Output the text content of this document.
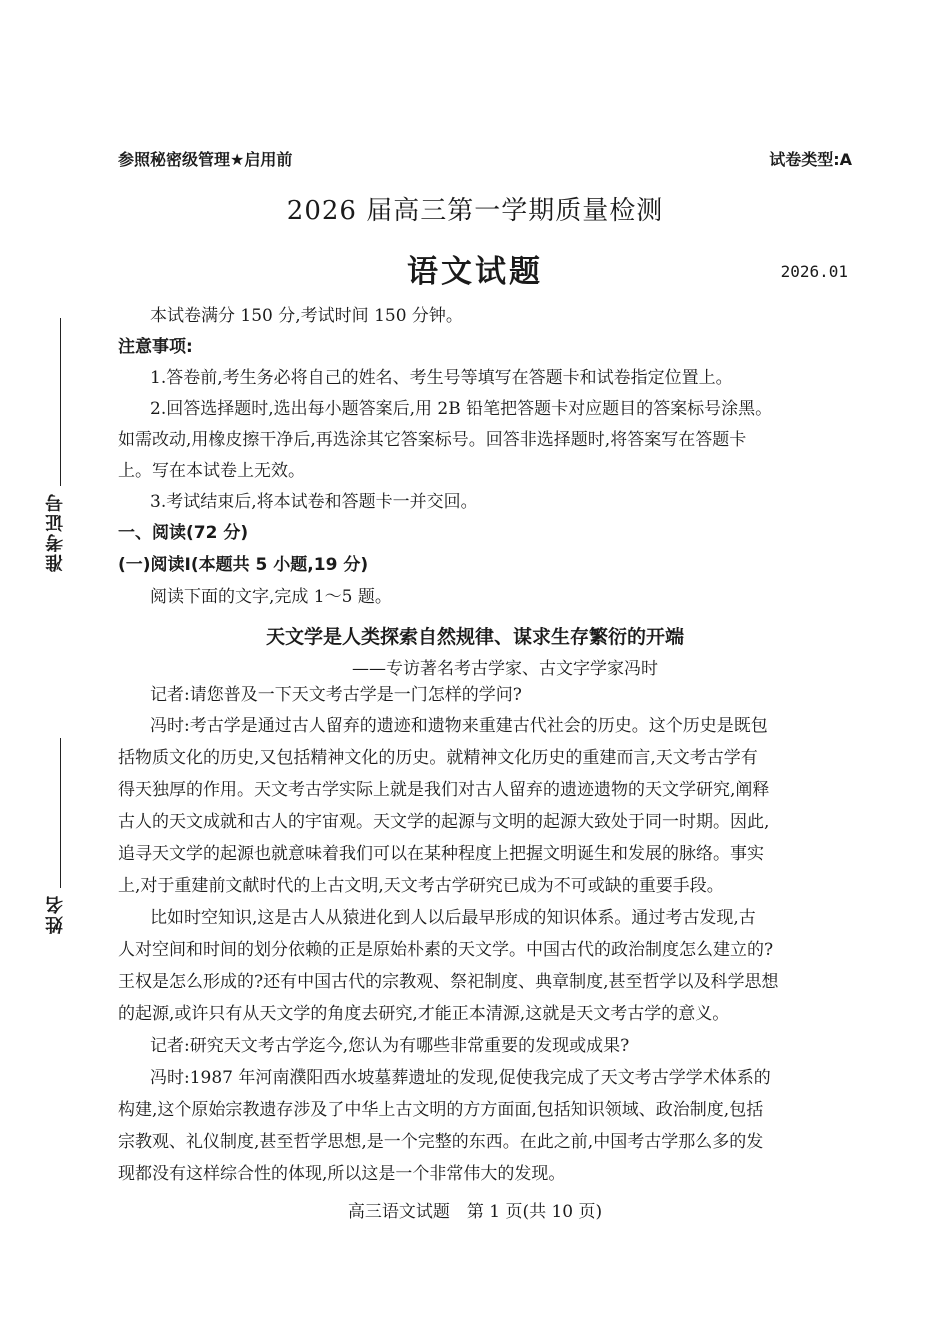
参照秘密级管理★启用前	试卷类型:A
2026 届高三第一学期质量检测
语文试题	2026.01
准考证号
姓名
本试卷满分 150 分,考试时间 150 分钟。
注意事项:
1.答卷前,考生务必将自己的姓名、考生号等填写在答题卡和试卷指定位置上。
2.回答选择题时,选出每小题答案后,用 2B 铅笔把答题卡对应题目的答案标号涂黑。
如需改动,用橡皮擦干净后,再选涂其它答案标号。回答非选择题时,将答案写在答题卡
上。写在本试卷上无效。
3.考试结束后,将本试卷和答题卡一并交回。
一、阅读(72 分)
(一)阅读Ⅰ(本题共 5 小题,19 分)
阅读下面的文字,完成 1～5 题。
天文学是人类探索自然规律、谋求生存繁衍的开端
——专访著名考古学家、古文字学家冯时
记者:请您普及一下天文考古学是一门怎样的学问?
冯时:考古学是通过古人留弃的遗迹和遗物来重建古代社会的历史。这个历史是既包
括物质文化的历史,又包括精神文化的历史。就精神文化历史的重建而言,天文考古学有
得天独厚的作用。天文考古学实际上就是我们对古人留弃的遗迹遗物的天文学研究,阐释
古人的天文成就和古人的宇宙观。天文学的起源与文明的起源大致处于同一时期。因此,
追寻天文学的起源也就意味着我们可以在某种程度上把握文明诞生和发展的脉络。事实
上,对于重建前文献时代的上古文明,天文考古学研究已成为不可或缺的重要手段。
比如时空知识,这是古人从猿进化到人以后最早形成的知识体系。通过考古发现,古
人对空间和时间的划分依赖的正是原始朴素的天文学。中国古代的政治制度怎么建立的?
王权是怎么形成的?还有中国古代的宗教观、祭祀制度、典章制度,甚至哲学以及科学思想
的起源,或许只有从天文学的角度去研究,才能正本清源,这就是天文考古学的意义。
记者:研究天文考古学迄今,您认为有哪些非常重要的发现或成果?
冯时:1987 年河南濮阳西水坡墓葬遗址的发现,促使我完成了天文考古学学术体系的
构建,这个原始宗教遗存涉及了中华上古文明的方方面面,包括知识领域、政治制度,包括
宗教观、礼仪制度,甚至哲学思想,是一个完整的东西。在此之前,中国考古学那么多的发
现都没有这样综合性的体现,所以这是一个非常伟大的发现。
高三语文试题　第 1 页(共 10 页)
